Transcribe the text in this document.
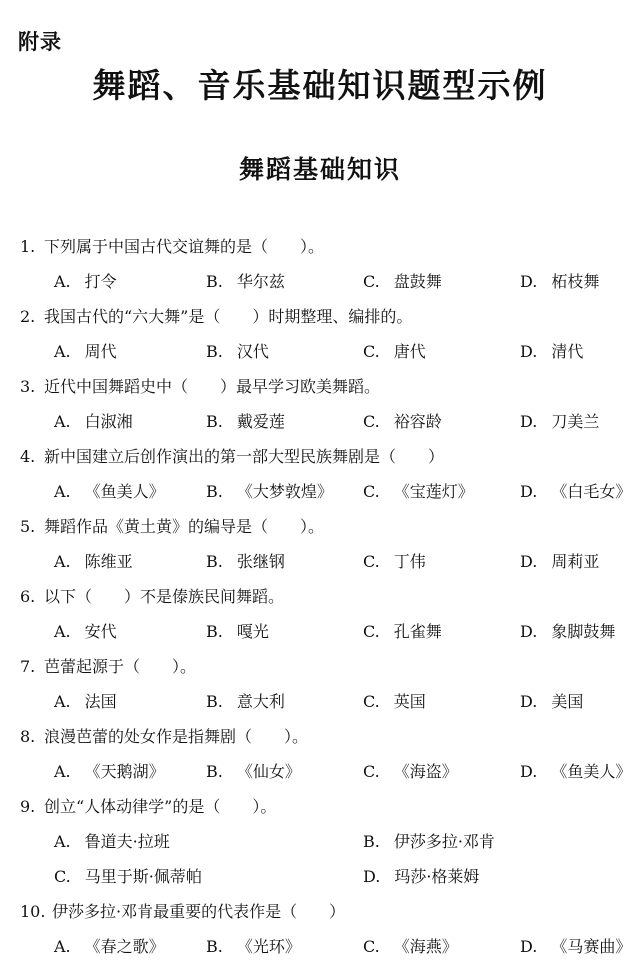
附录
舞蹈、音乐基础知识题型示例
舞蹈基础知识
1. 下列属于中国古代交谊舞的是（　　）。
A. 打令	B. 华尔兹	C. 盘鼓舞	D. 柘枝舞
2. 我国古代的“六大舞”是（　　）时期整理、编排的。
A. 周代	B. 汉代	C. 唐代	D. 清代
3. 近代中国舞蹈史中（　　）最早学习欧美舞蹈。
A. 白淑湘	B. 戴爱莲	C. 裕容龄	D. 刀美兰
4. 新中国建立后创作演出的第一部大型民族舞剧是（　　）
A. 《鱼美人》	B. 《大梦敦煌》 C. 《宝莲灯》	D. 《白毛女》
5. 舞蹈作品《黄土黄》的编导是（　　）。
A. 陈维亚	B. 张继钢	C. 丁伟	D. 周莉亚
6. 以下（　　）不是傣族民间舞蹈。
A. 安代	B. 嘎光	C. 孔雀舞	D. 象脚鼓舞
7. 芭蕾起源于（　　）。
A. 法国	B. 意大利	C. 英国	D. 美国
8. 浪漫芭蕾的处女作是指舞剧（　　）。
A. 《天鹅湖》	B. 《仙女》	C. 《海盗》	D. 《鱼美人》
9. 创立“人体动律学”的是（　　）。
A. 鲁道夫·拉班	B. 伊莎多拉·邓肯
C. 马里于斯·佩蒂帕	D. 玛莎·格莱姆
10. 伊莎多拉·邓肯最重要的代表作是（　　）
A. 《春之歌》	B. 《光环》	C. 《海燕》	D. 《马赛曲》
